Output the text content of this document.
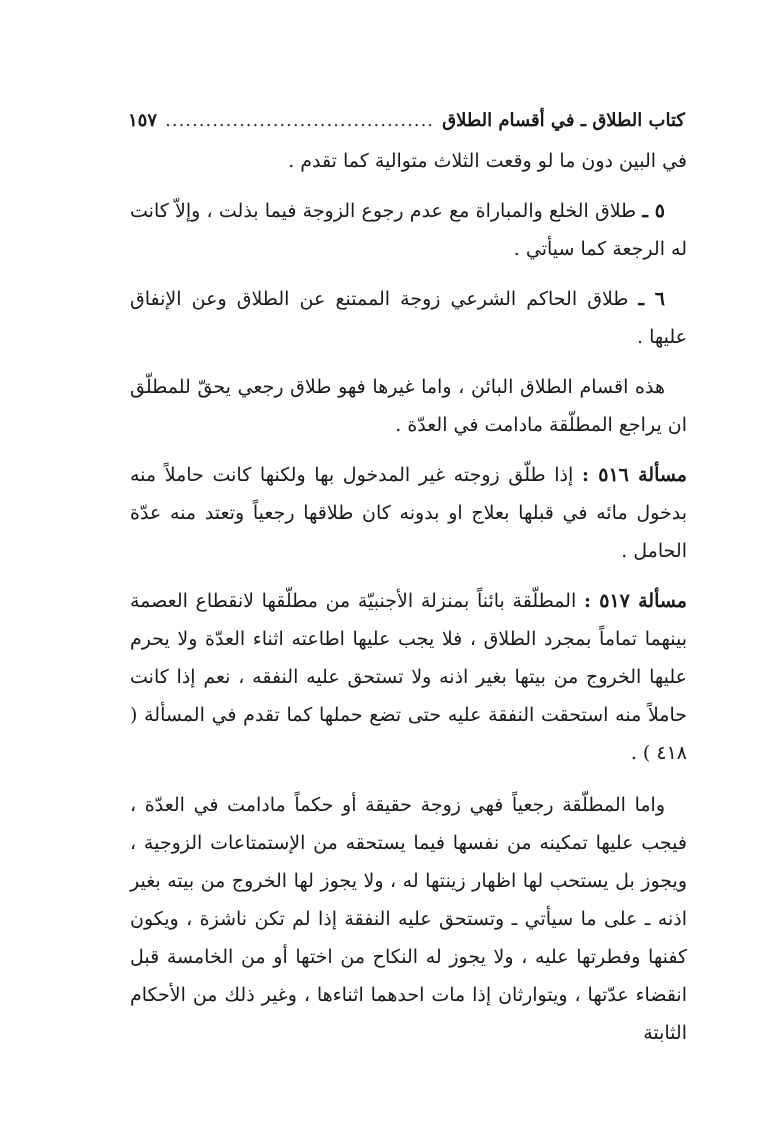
كتاب الطلاق ـ في أقسام الطلاق
........................................
١٥٧

في البين دون ما لو وقعت الثلاث متوالية كما تقدم .

٥ ـ طلاق الخلع والمباراة مع عدم رجوع الزوجة فيما بذلت ، وإلاّ كانت له الرجعة كما سيأتي .

٦ ـ طلاق الحاكم الشرعي زوجة الممتنع عن الطلاق وعن الإنفاق عليها .

هذه اقسام الطلاق البائن ، واما غيرها فهو طلاق رجعي يحقّ للمطلّق ان يراجع المطلّقة مادامت في العدّة .

مسألة ٥١٦ : إذا طلّق زوجته غير المدخول بها ولكنها كانت حاملاً منه بدخول مائه في قبلها بعلاج او بدونه كان طلاقها رجعياً وتعتد منه عدّة الحامل .

مسألة ٥١٧ : المطلّقة بائناً بمنزلة الأجنبيّة من مطلّقها لانقطاع العصمة بينهما تماماً بمجرد الطلاق ، فلا يجب عليها اطاعته اثناء العدّة ولا يحرم عليها الخروج من بيتها بغير اذنه ولا تستحق عليه النفقه ، نعم إذا كانت حاملاً منه استحقت النفقة عليه حتى تضع حملها كما تقدم في المسألة ( ٤١٨ ) .

واما المطلّقة رجعياً فهي زوجة حقيقة أو حكماً مادامت في العدّة ، فيجب عليها تمكينه من نفسها فيما يستحقه من الإستمتاعات الزوجية ، ويجوز بل يستحب لها اظهار زينتها له ، ولا يجوز لها الخروج من بيته بغير اذنه ـ على ما سيأتي ـ وتستحق عليه النفقة إذا لم تكن ناشزة ، ويكون كفنها وفطرتها عليه ، ولا يجوز له النكاح من اختها أو من الخامسة قبل انقضاء عدّتها ، ويتوارثان إذا مات احدهما اثناءها ، وغير ذلك من الأحكام الثابتة
